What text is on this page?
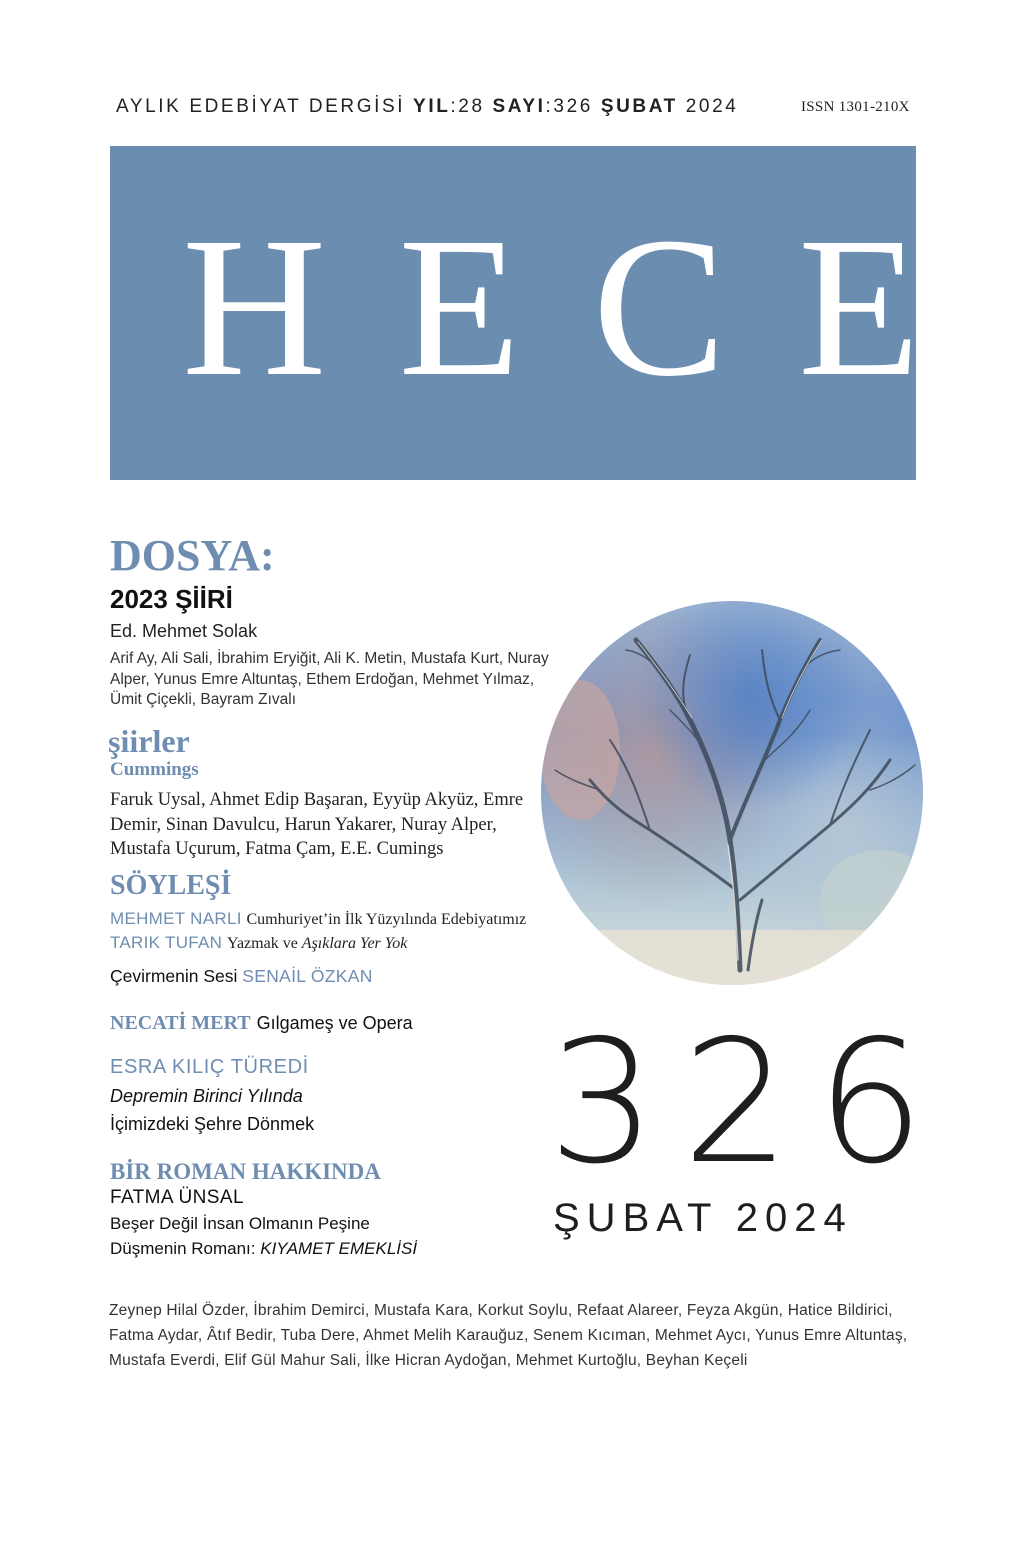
AYLIK EDEBİYAT DERGİSİ YIL:28 SAYI:326 ŞUBAT 2024	ISSN 1301-210X
HECE
DOSYA:
2023 ŞİİRİ
Ed. Mehmet Solak
Arif Ay, Ali Sali, İbrahim Eryiğit, Ali K. Metin, Mustafa Kurt, Nuray Alper, Yunus Emre Altuntaş, Ethem Erdoğan, Mehmet Yılmaz, Ümit Çiçekli, Bayram Zıvalı
şiirler
Cummings
Faruk Uysal, Ahmet Edip Başaran, Eyyüp Akyüz, Emre Demir, Sinan Davulcu, Harun Yakarer, Nuray Alper, Mustafa Uçurum, Fatma Çam, E.E. Cumings
SÖYLEŞİ
MEHMET NARLI Cumhuriyet’in İlk Yüzyılında Edebiyatımız
TARIK TUFAN Yazmak ve Aşıklara Yer Yok
Çevirmenin Sesi SENAİL ÖZKAN
NECATİ MERT Gılgameş ve Opera
ESRA KILIÇ TÜREDİ
Depremin Birinci Yılında
İçimizdeki Şehre Dönmek
BİR ROMAN HAKKINDA
FATMA ÜNSAL
Beşer Değil İnsan Olmanın Peşine
Düşmenin Romanı: KIYAMET EMEKLİSİ
326
ŞUBAT 2024
Zeynep Hilal Özder, İbrahim Demirci, Mustafa Kara, Korkut Soylu, Refaat Alareer, Feyza Akgün, Hatice Bildirici, Fatma Aydar, Âtıf Bedir, Tuba Dere, Ahmet Melih Karauğuz, Senem Kıcıman, Mehmet Aycı, Yunus Emre Altuntaş, Mustafa Everdi, Elif Gül Mahur Sali, İlke Hicran Aydoğan, Mehmet Kurtoğlu, Beyhan Keçeli
